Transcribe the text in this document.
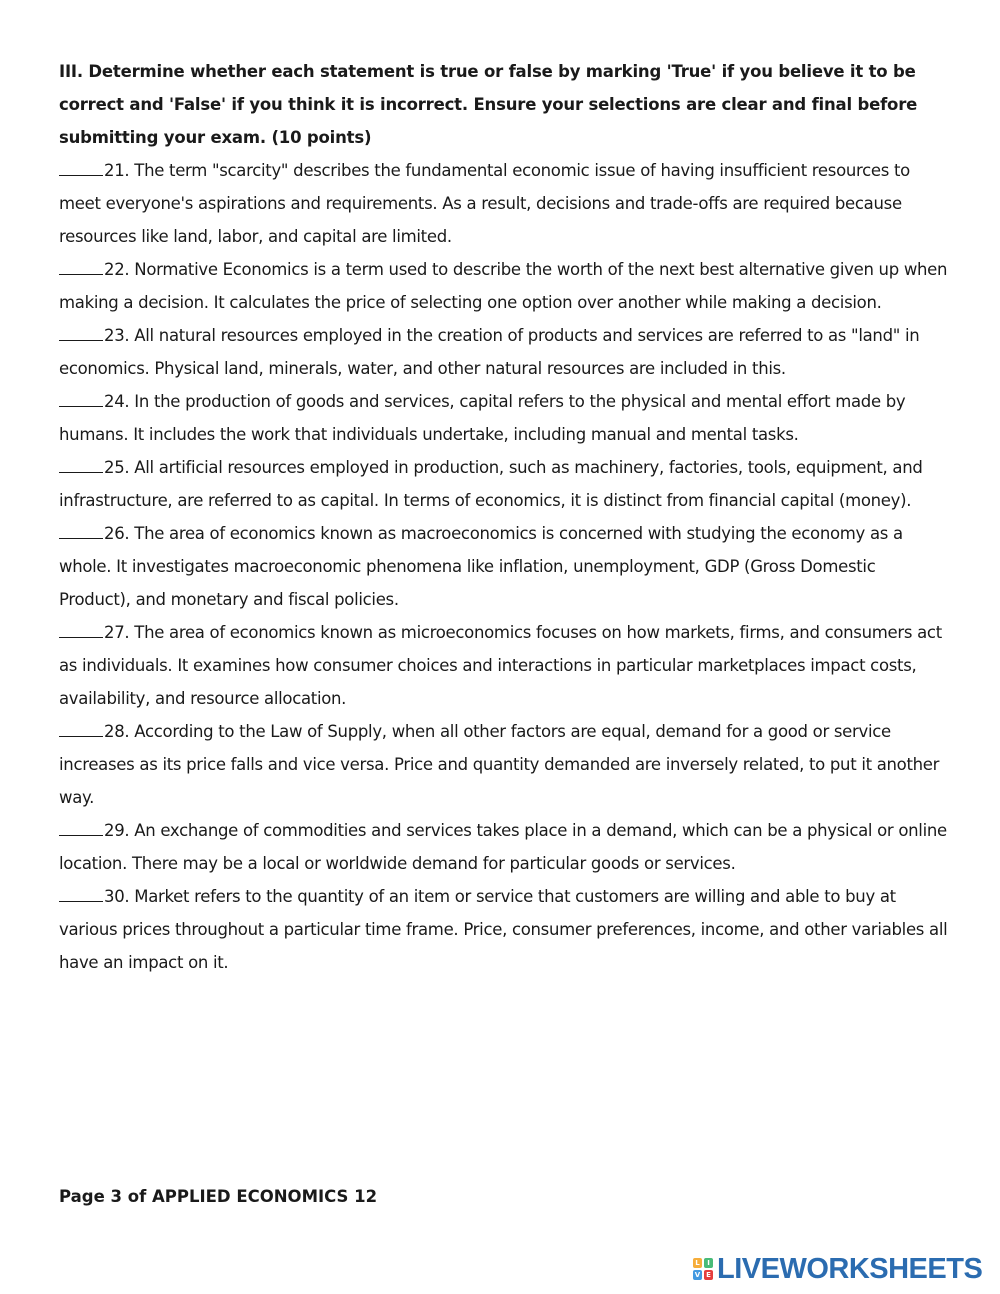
III. Determine whether each statement is true or false by marking 'True' if you believe it to be correct and 'False' if you think it is incorrect. Ensure your selections are clear and final before submitting your exam. (10 points)

21. The term "scarcity" describes the fundamental economic issue of having insufficient resources to meet everyone's aspirations and requirements. As a result, decisions and trade-offs are required because resources like land, labor, and capital are limited.

22. Normative Economics is a term used to describe the worth of the next best alternative given up when making a decision. It calculates the price of selecting one option over another while making a decision.

23. All natural resources employed in the creation of products and services are referred to as "land" in economics. Physical land, minerals, water, and other natural resources are included in this.

24. In the production of goods and services, capital refers to the physical and mental effort made by humans. It includes the work that individuals undertake, including manual and mental tasks.

25. All artificial resources employed in production, such as machinery, factories, tools, equipment, and infrastructure, are referred to as capital. In terms of economics, it is distinct from financial capital (money).

26. The area of economics known as macroeconomics is concerned with studying the economy as a whole. It investigates macroeconomic phenomena like inflation, unemployment, GDP (Gross Domestic Product), and monetary and fiscal policies.

27. The area of economics known as microeconomics focuses on how markets, firms, and consumers act as individuals. It examines how consumer choices and interactions in particular marketplaces impact costs, availability, and resource allocation.

28. According to the Law of Supply, when all other factors are equal, demand for a good or service increases as its price falls and vice versa. Price and quantity demanded are inversely related, to put it another way.

29. An exchange of commodities and services takes place in a demand, which can be a physical or online location. There may be a local or worldwide demand for particular goods or services.

30. Market refers to the quantity of an item or service that customers are willing and able to buy at various prices throughout a particular time frame. Price, consumer preferences, income, and other variables all have an impact on it.

Page 3 of APPLIED ECONOMICS 12

L	I
V E LIVEWORKSHEETS
